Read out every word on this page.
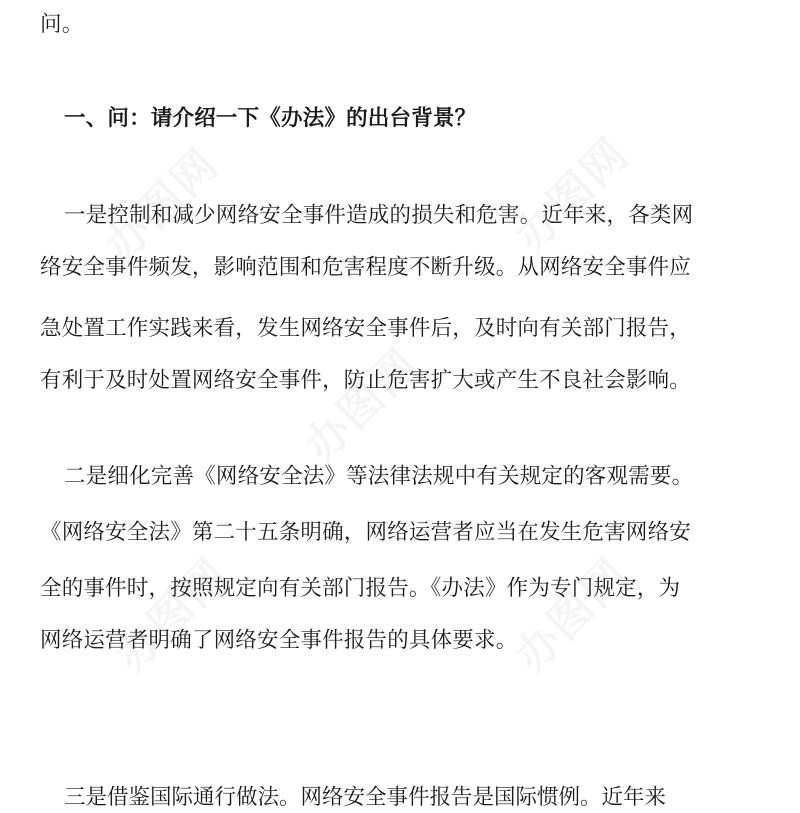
问。
一、问：请介绍一下《办法》的出台背景？
一是控制和减少网络安全事件造成的损失和危害。近年来，各类网
络安全事件频发，影响范围和危害程度不断升级。从网络安全事件应
急处置工作实践来看，发生网络安全事件后，及时向有关部门报告，
有利于及时处置网络安全事件，防止危害扩大或产生不良社会影响。
二是细化完善《网络安全法》等法律法规中有关规定的客观需要。
《网络安全法》第二十五条明确，网络运营者应当在发生危害网络安
全的事件时，按照规定向有关部门报告。《办法》作为专门规定，为
网络运营者明确了网络安全事件报告的具体要求。
三是借鉴国际通行做法。网络安全事件报告是国际惯例。近年来
